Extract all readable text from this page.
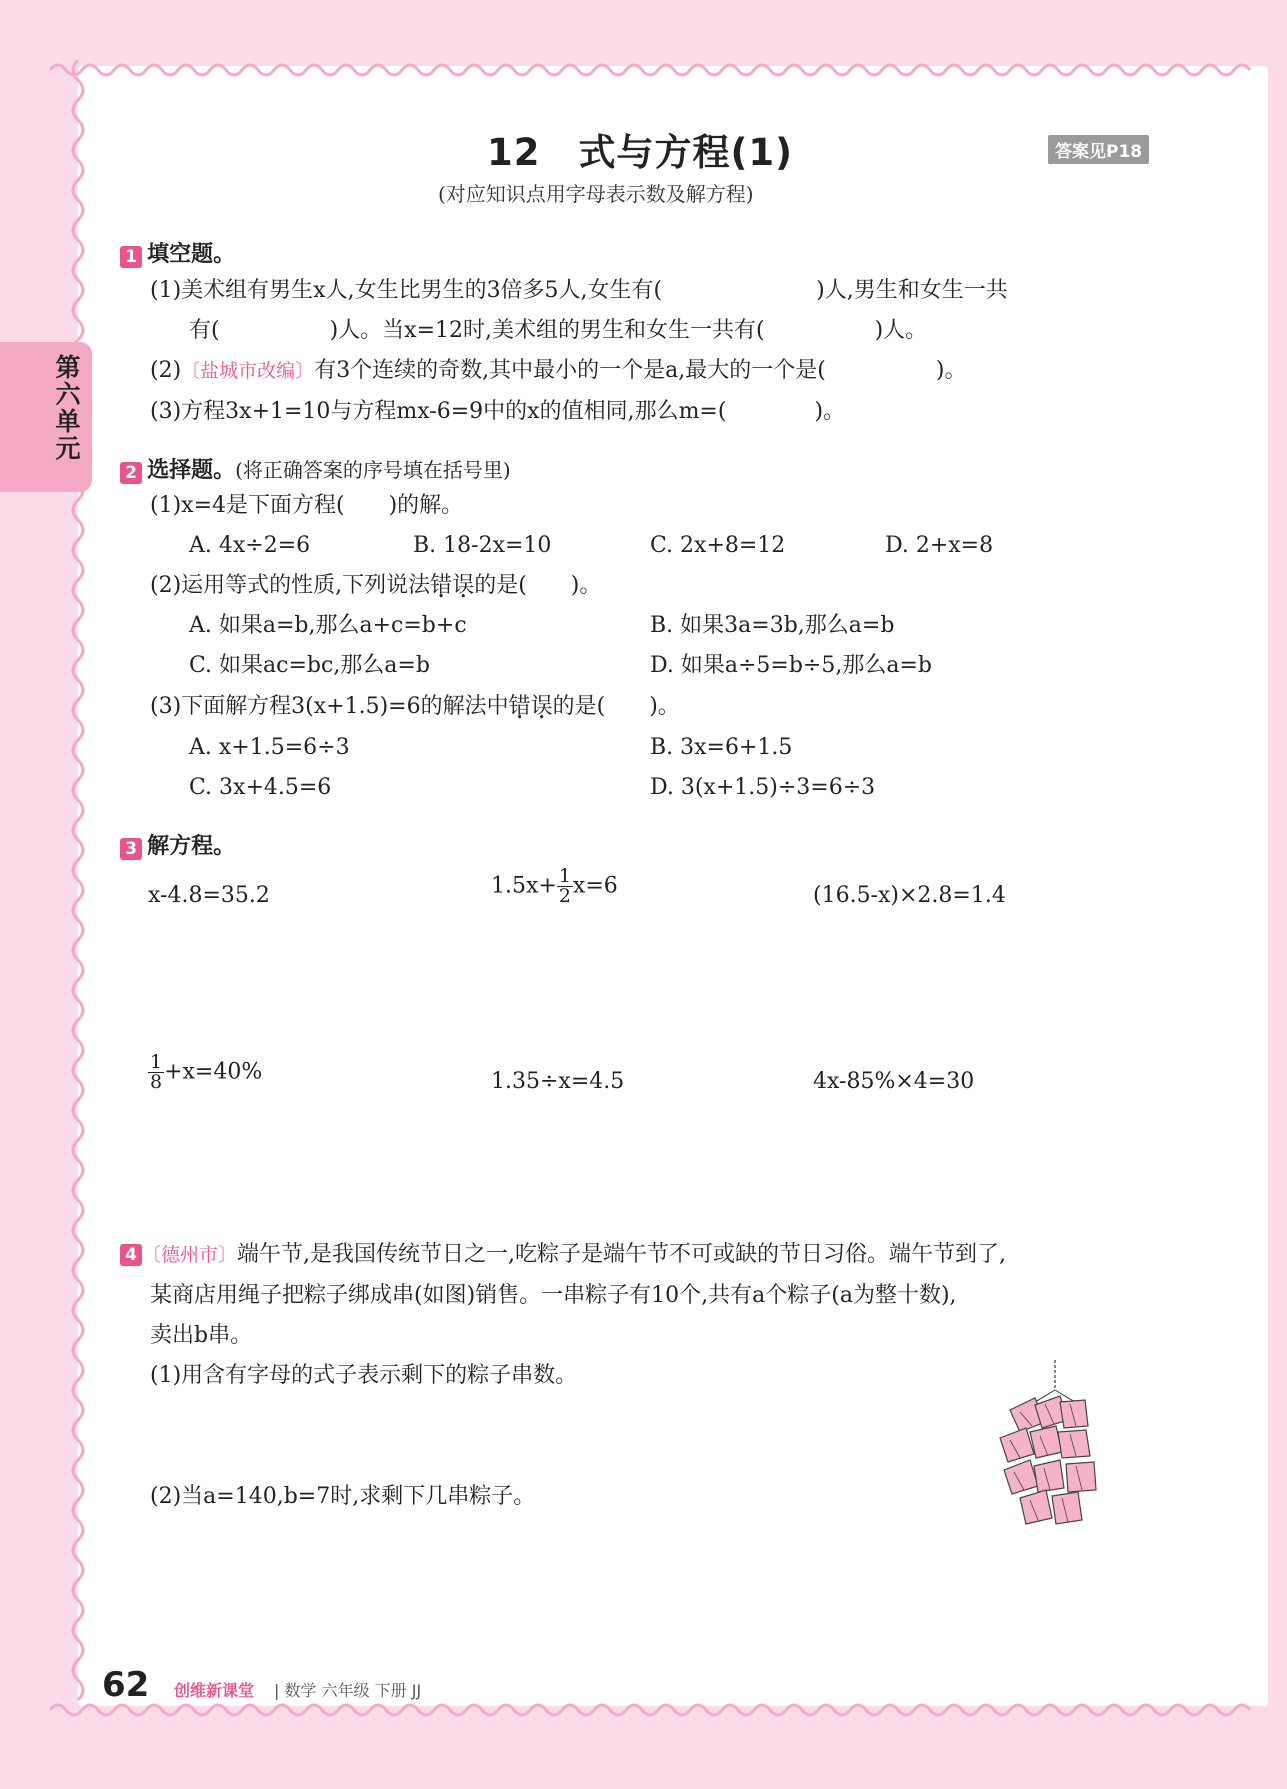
第六单元
12　式与方程(1)	答案见P18
(对应知识点用字母表示数及解方程)
1 填空题。
(1)美术组有男生x人,女生比男生的3倍多5人,女生有(　　　　　　　)人,男生和女生一共
有(　　　　　)人。当x=12时,美术组的男生和女生一共有(　　　　　)人。
(2)〔盐城市改编〕有3个连续的奇数,其中最小的一个是a,最大的一个是(　　　　　)。
(3)方程3x+1=10与方程mx-6=9中的x的值相同,那么m=(　　　　)。
2 选择题。(将正确答案的序号填在括号里)
(1)x=4是下面方程(　　)的解。
A. 4x÷2=6	B. 18-2x=10	C. 2x+8=12	D. 2+x=8
(2)运用等式的性质,下列说法错误的是(　　)。
A. 如果a=b,那么a+c=b+c	B. 如果3a=3b,那么a=b
C. 如果ac=bc,那么a=b	D. 如果a÷5=b÷5,那么a=b
(3)下面解方程3(x+1.5)=6的解法中错误的是(　　)。
A. x+1.5=6÷3	B. 3x=6+1.5
C. 3x+4.5=6	D. 3(x+1.5)÷3=6÷3
3 解方程。
x-4.8=35.2	$1.5x+ \frac{1}{2} x=6$	(16.5-x)×2.8=1.4
$\frac{1}{8} +x=40\%$	1.35÷x=4.5	4x-85%×4=30
4 〔德州市〕端午节,是我国传统节日之一,吃粽子是端午节不可或缺的节日习俗。端午节到了,
某商店用绳子把粽子绑成串(如图)销售。一串粽子有10个,共有a个粽子(a为整十数),
卖出b串。
(1)用含有字母的式子表示剩下的粽子串数。
(2)当a=140,b=7时,求剩下几串粽子。
62 创维新课堂 | 数学 六年级 下册 JJ
